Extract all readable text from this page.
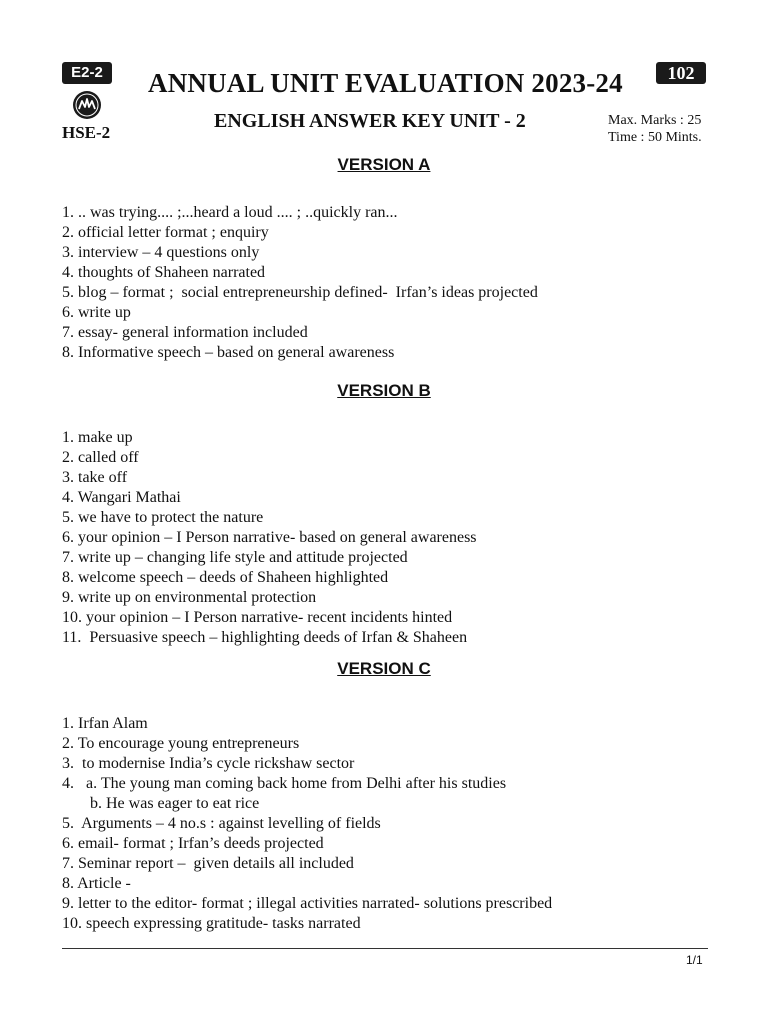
E2-2	102
HSE-2
ANNUAL UNIT EVALUATION 2023-24
ENGLISH ANSWER KEY UNIT - 2	Max. Marks : 25
Time : 50 Mints.
VERSION A
1. .. was trying.... ;...heard a loud .... ; ..quickly ran...
2. official letter format ; enquiry
3. interview – 4 questions only
4. thoughts of Shaheen narrated
5. blog – format ;  social entrepreneurship defined-  Irfan’s ideas projected
6. write up
7. essay- general information included
8. Informative speech – based on general awareness
VERSION B
1. make up
2. called off
3. take off
4. Wangari Mathai
5. we have to protect the nature
6. your opinion – I Person narrative- based on general awareness
7. write up – changing life style and attitude projected
8. welcome speech – deeds of Shaheen highlighted
9. write up on environmental protection
10. your opinion – I Person narrative- recent incidents hinted
11.  Persuasive speech – highlighting deeds of Irfan & Shaheen
VERSION C
1. Irfan Alam
2. To encourage young entrepreneurs
3.  to modernise India’s cycle rickshaw sector
4.   a. The young man coming back home from Delhi after his studies
b. He was eager to eat rice
5.  Arguments – 4 no.s : against levelling of fields
6. email- format ; Irfan’s deeds projected
7. Seminar report –  given details all included
8. Article -
9. letter to the editor- format ; illegal activities narrated- solutions prescribed
10. speech expressing gratitude- tasks narrated
1/1
